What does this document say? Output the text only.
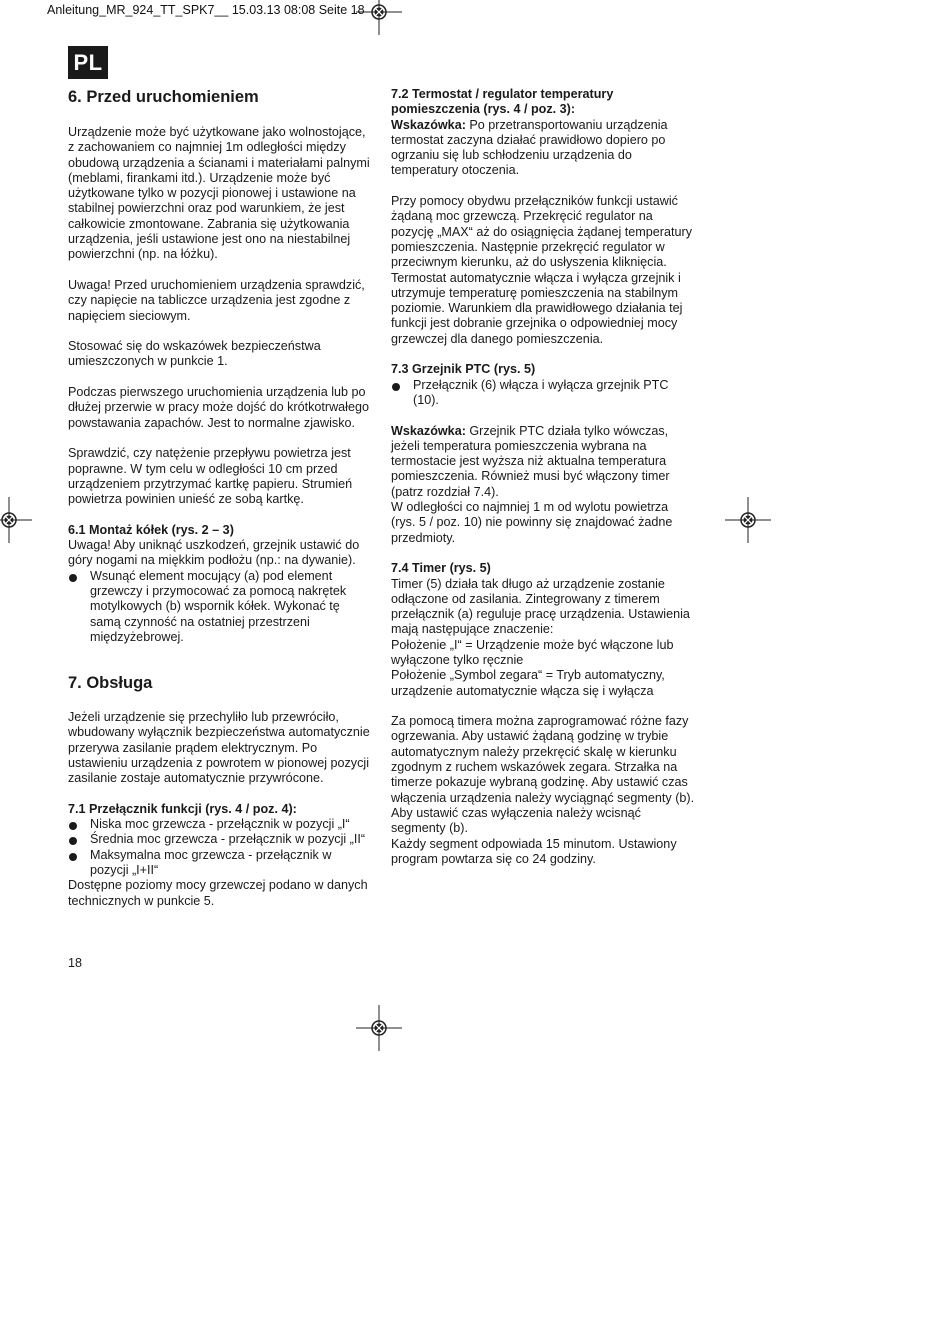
Anleitung_MR_924_TT_SPK7__ 15.03.13 08:08 Seite 18
PL
6. Przed uruchomieniem

Urządzenie może być użytkowane jako wolnostojące, z zachowaniem co najmniej 1m odległości między obudową urządzenia a ścianami i materiałami palnymi (meblami, firankami itd.). Urządzenie może być użytkowane tylko w pozycji pionowej i ustawione na stabilnej powierzchni oraz pod warunkiem, że jest całkowicie zmontowane. Zabrania się użytkowania urządzenia, jeśli ustawione jest ono na niestabilnej powierzchni (np. na łóżku).

Uwaga! Przed uruchomieniem urządzenia sprawdzić, czy napięcie na tabliczce urządzenia jest zgodne z napięciem sieciowym.

Stosować się do wskazówek bezpieczeństwa umieszczonych w punkcie 1.

Podczas pierwszego uruchomienia urządzenia lub po dłużej przerwie w pracy może dojść do krótkotrwałego powstawania zapachów. Jest to normalne zjawisko.

Sprawdzić, czy natężenie przepływu powietrza jest poprawne. W tym celu w odległości 10 cm przed urządzeniem przytrzymać kartkę papieru. Strumień powietrza powinien unieść ze sobą kartkę.

6.1 Montaż kółek (rys. 2 – 3)

Uwaga! Aby uniknąć uszkodzeń, grzejnik ustawić do góry nogami na miękkim podłożu (np.: na dywanie).

Wsunąć element mocujący (a) pod element grzewczy i przymocować za pomocą nakrętek motylkowych (b) wspornik kółek. Wykonać tę samą czynność na ostatniej przestrzeni międzyżebrowej.

7. Obsługa

Jeżeli urządzenie się przechyliło lub przewróciło, wbudowany wyłącznik bezpieczeństwa automatycznie przerywa zasilanie prądem elektrycznym. Po ustawieniu urządzenia z powrotem w pionowej pozycji zasilanie zostaje automatycznie przywrócone.

7.1 Przełącznik funkcji (rys. 4 / poz. 4):

Niska moc grzewcza - przełącznik w pozycji „I“

Średnia moc grzewcza - przełącznik w pozycji „II“

Maksymalna moc grzewcza - przełącznik w pozycji „I+II“

Dostępne poziomy mocy grzewczej podano w danych technicznych w punkcie 5.

7.2 Termostat / regulator temperatury pomieszczenia (rys. 4 / poz. 3):

Wskazówka: Po przetransportowaniu urządzenia termostat zaczyna działać prawidłowo dopiero po ogrzaniu się lub schłodzeniu urządzenia do temperatury otoczenia.

Przy pomocy obydwu przełączników funkcji ustawić żądaną moc grzewczą. Przekręcić regulator na pozycję „MAX“ aż do osiągnięcia żądanej temperatury pomieszczenia. Następnie przekręcić regulator w przeciwnym kierunku, aż do usłyszenia kliknięcia. Termostat automatycznie włącza i wyłącza grzejnik i utrzymuje temperaturę pomieszczenia na stabilnym poziomie. Warunkiem dla prawidłowego działania tej funkcji jest dobranie grzejnika o odpowiedniej mocy grzewczej dla danego pomieszczenia.

7.3 Grzejnik PTC (rys. 5)

Przełącznik (6) włącza i wyłącza grzejnik PTC (10).

Wskazówka: Grzejnik PTC działa tylko wówczas, jeżeli temperatura pomieszczenia wybrana na termostacie jest wyższa niż aktualna temperatura pomieszczenia. Również musi być włączony timer (patrz rozdział 7.4).

W odległości co najmniej 1 m od wylotu powietrza (rys. 5 / poz. 10) nie powinny się znajdować żadne przedmioty.

7.4 Timer (rys. 5)

Timer (5) działa tak długo aż urządzenie zostanie odłączone od zasilania. Zintegrowany z timerem przełącznik (a) reguluje pracę urządzenia. Ustawienia mają następujące znaczenie:

Położenie „I“ = Urządzenie może być włączone lub wyłączone tylko ręcznie

Położenie „Symbol zegara“ = Tryb automatyczny, urządzenie automatycznie włącza się i wyłącza

Za pomocą timera można zaprogramować różne fazy ogrzewania. Aby ustawić żądaną godzinę w trybie automatycznym należy przekręcić skalę w kierunku zgodnym z ruchem wskazówek zegara. Strzałka na timerze pokazuje wybraną godzinę. Aby ustawić czas włączenia urządzenia należy wyciągnąć segmenty (b). Aby ustawić czas wyłączenia należy wcisnąć segmenty (b).

Każdy segment odpowiada 15 minutom. Ustawiony program powtarza się co 24 godziny.

18
